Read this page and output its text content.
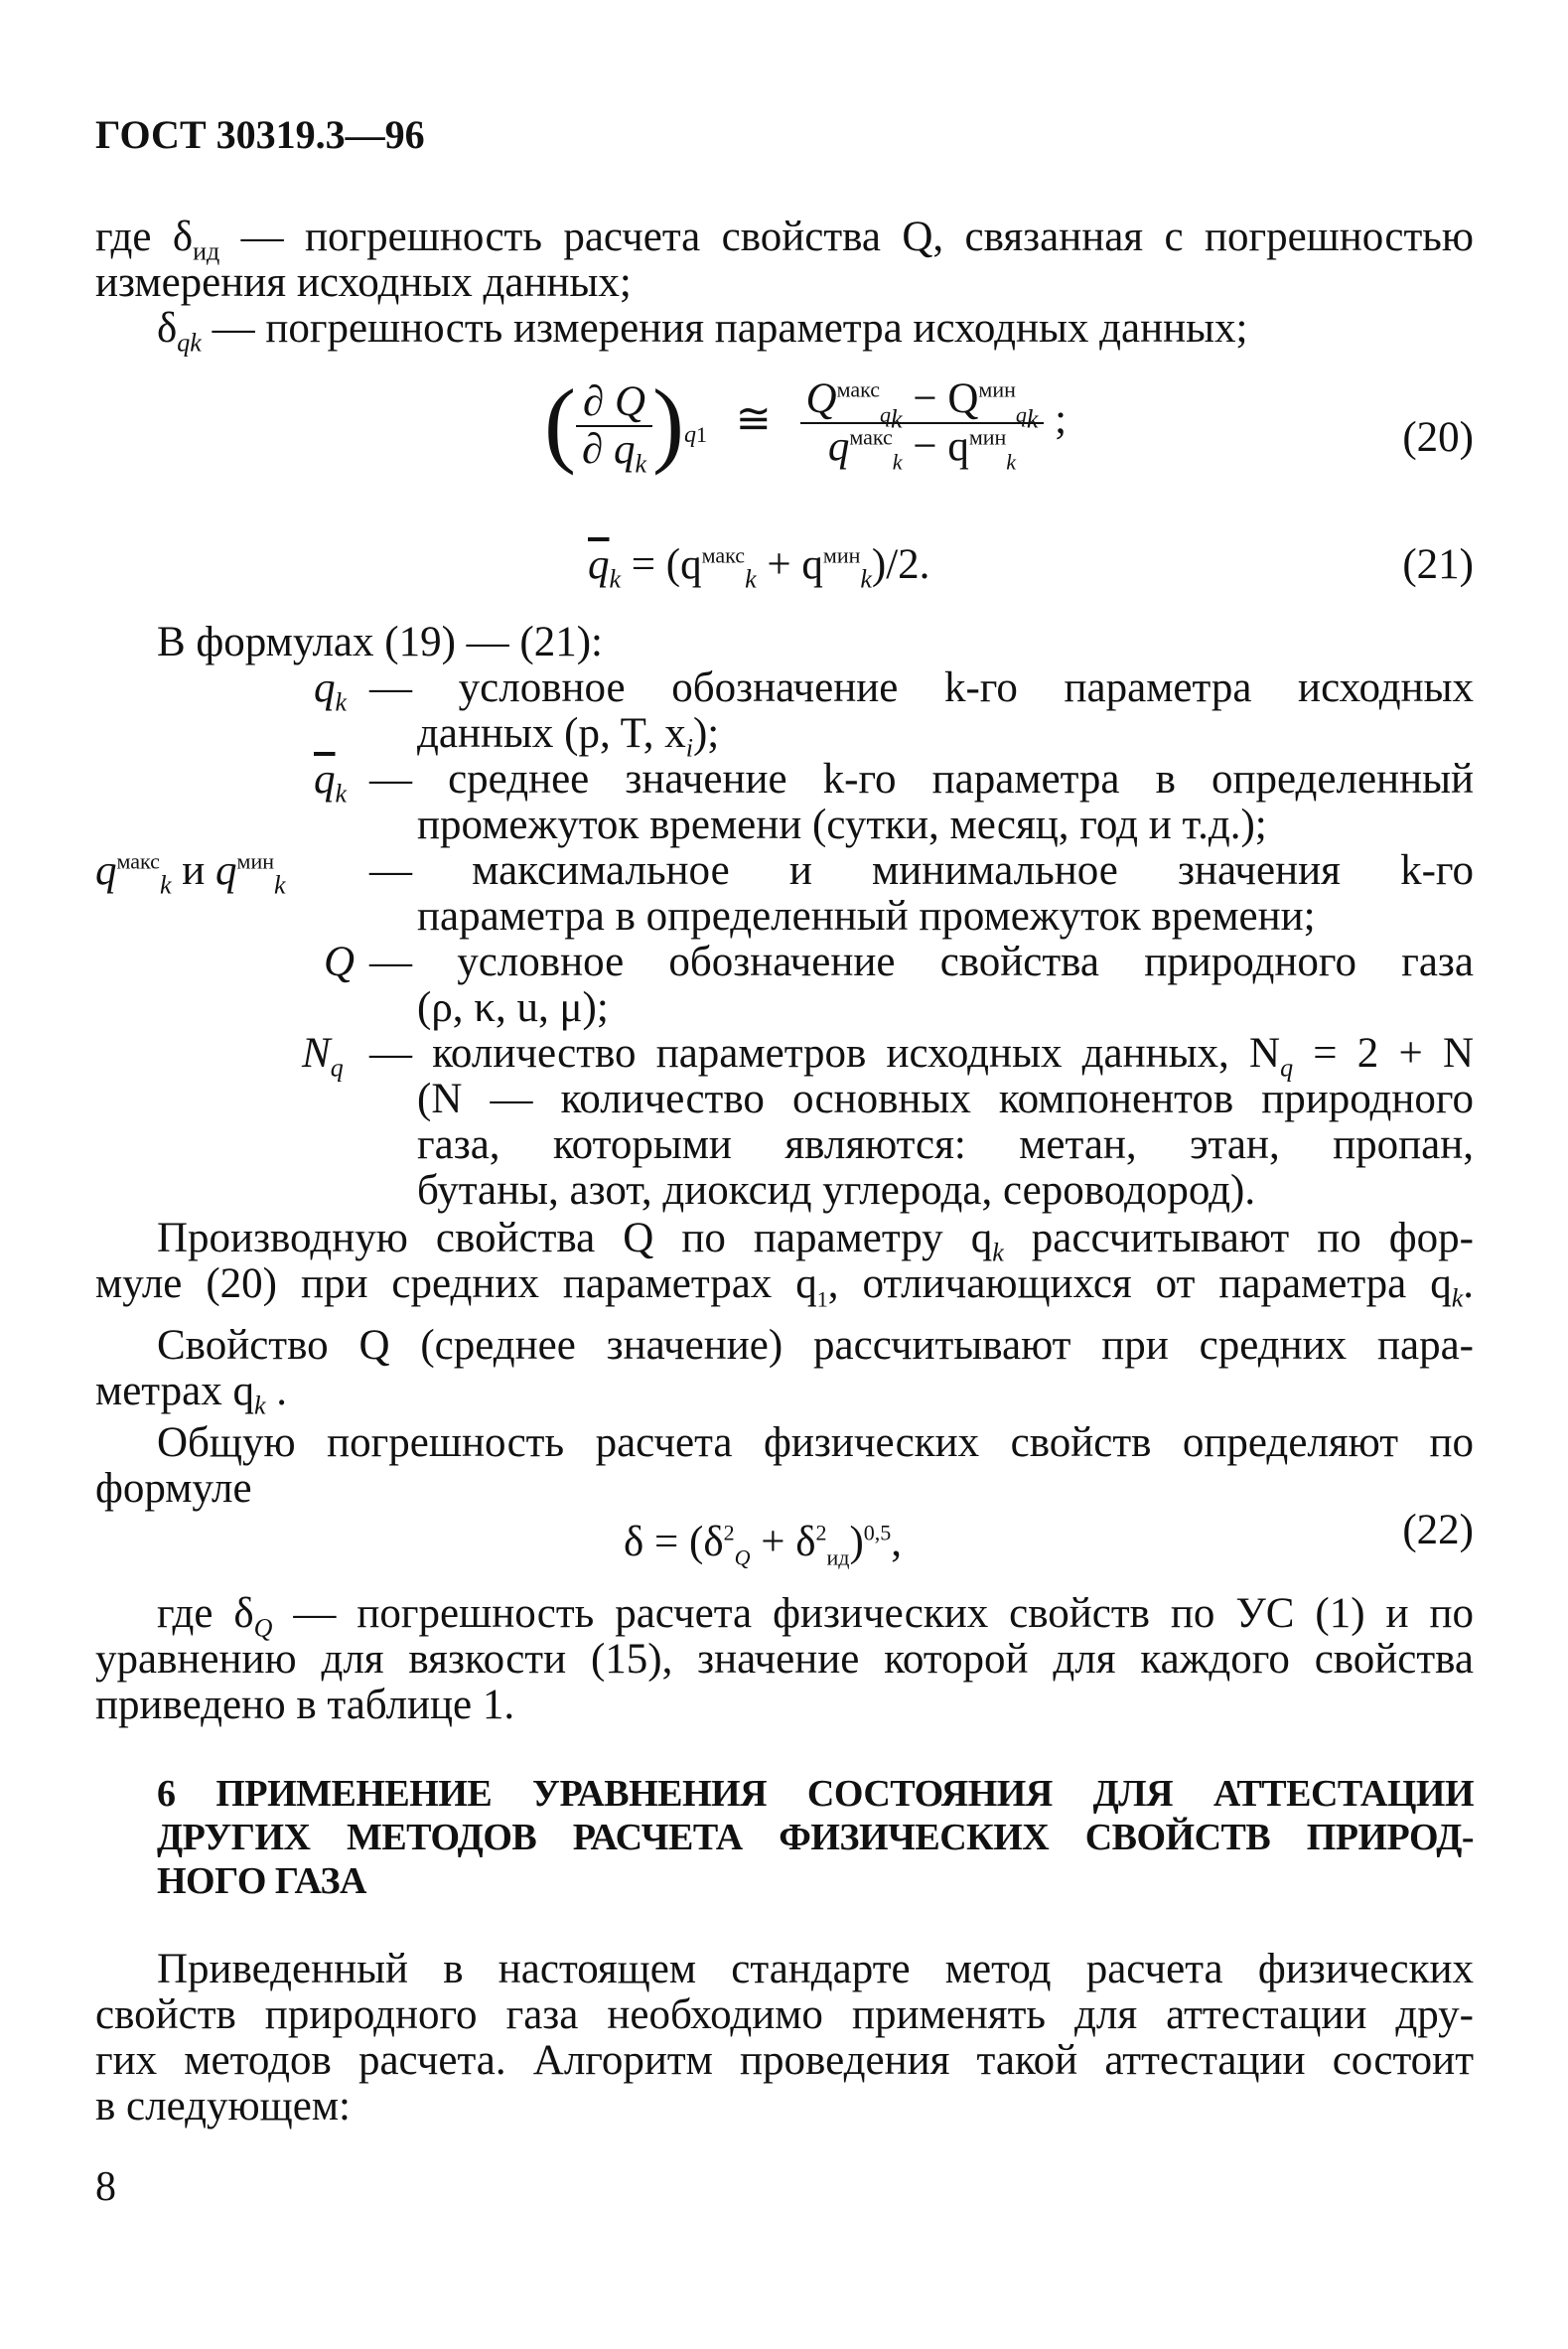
ГОСТ 30319.3—96
где $\delta_{ид}$ — погрешность расчета свойства Q, связанная с погрешностью
измерения исходных данных;
$\delta_{qk}$ — погрешность измерения параметра исходных данных;
( $\frac{\partial Q}{\partial q_k} )_{q1}$ ≅ $\frac{Q^{макс}_{q_k} - Q^{мин}_{q_k}}{q^{макс}_k - q^{мин}_k}$ ;	(20)
$\overline{q}_k = (q^{макс}_k + q^{мин}_k)/2$.	(21)
В формулах (19) — (21):
$q_k$ — условное обозначение k-го параметра исходных
данных (p, T, $x_i$);
$\overline{q}_k$ — среднее значение k-го параметра в определенный
промежуток времени (сутки, месяц, год и т.д.);
$q^{макс}_k$ и $q^{мин}_k$ — максимальное и минимальное значения k-го
параметра в определенный промежуток времени;
Q — условное обозначение свойства природного газа
(ρ, κ, u, μ);
$N_q$ — количество параметров исходных данных, $N_q = 2 + N$
(N — количество основных компонентов природного
газа, которыми являются: метан, этан, пропан,
бутаны, азот, диоксид углерода, сероводород).
Производную свойства Q по параметру $q_k$ рассчитывают по фор-
муле (20) при средних параметрах $q_1$, отличающихся от параметра $q_k$.
Свойство Q (среднее значение) рассчитывают при средних пара-
метрах $q_k$ .
Общую погрешность расчета физических свойств определяют по
формуле
$\delta = (\delta^2_Q + \delta^2_{ид})^{0,5}$,	(22)
где $\delta_Q$ — погрешность расчета физических свойств по УС (1) и по
уравнению для вязкости (15), значение которой для каждого свойства
приведено в таблице 1.
6 ПРИМЕНЕНИЕ УРАВНЕНИЯ СОСТОЯНИЯ ДЛЯ АТТЕСТАЦИИ
ДРУГИХ МЕТОДОВ РАСЧЕТА ФИЗИЧЕСКИХ СВОЙСТВ ПРИРОД-
НОГО ГАЗА
Приведенный в настоящем стандарте метод расчета физических
свойств природного газа необходимо применять для аттестации дру-
гих методов расчета. Алгоритм проведения такой аттестации состоит
в следующем:
8
